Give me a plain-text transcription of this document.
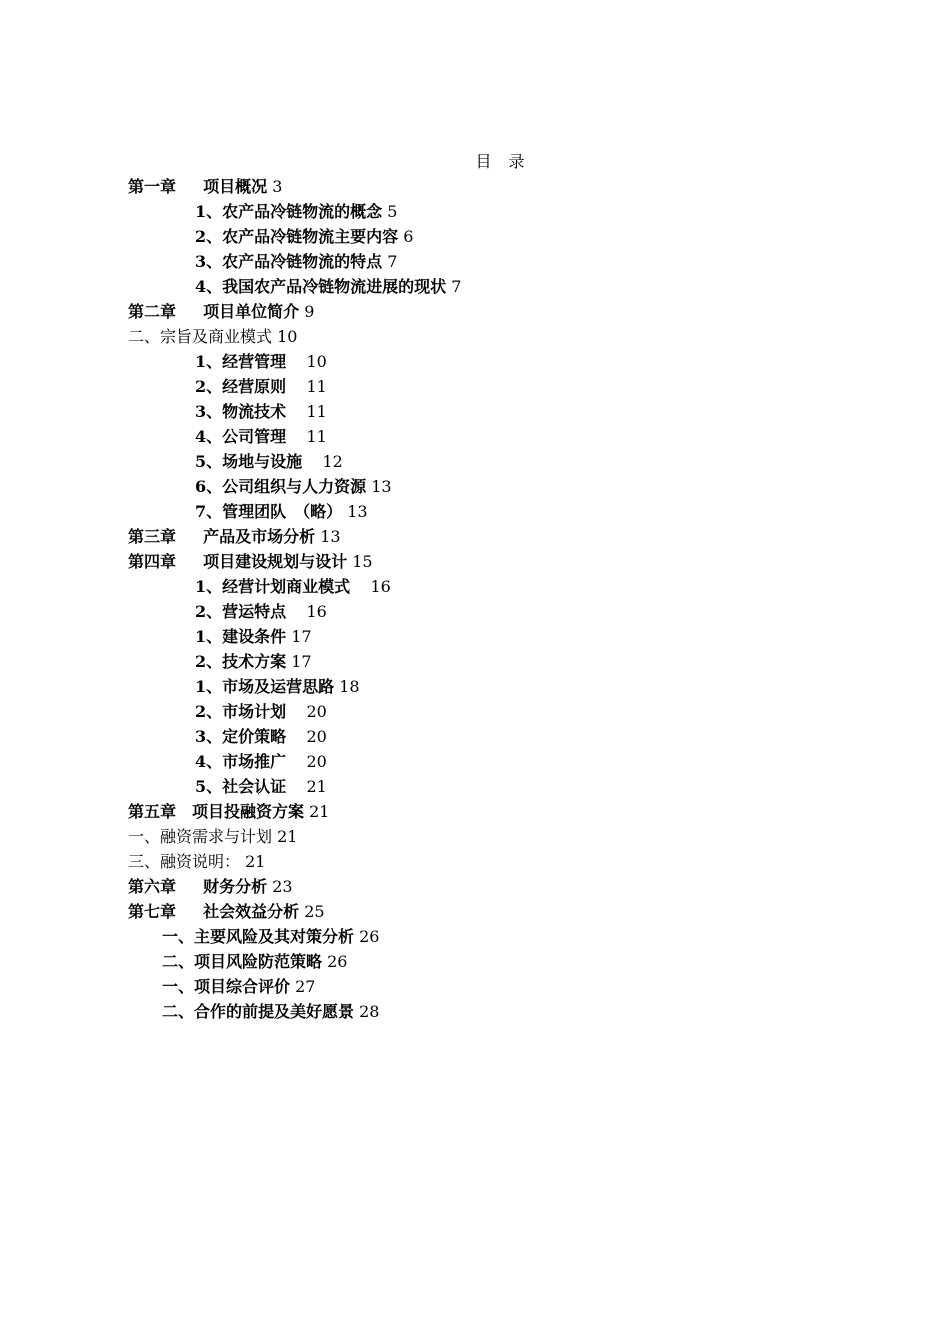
目 录
第一章　  项目概况 3
1、农产品冷链物流的概念 5
2、农产品冷链物流主要内容 6
3、农产品冷链物流的特点 7
4、我国农产品冷链物流进展的现状 7
第二章　  项目单位简介 9
二、宗旨及商业模式 10
1、经营管理    10
2、经营原则    11
3、物流技术    11
4、公司管理    11
5、场地与设施    12
6、公司组织与人力资源 13
7、管理团队　（略） 13
第三章　  产品及市场分析 13
第四章　  项目建设规划与设计 15
1、经营计划商业模式    16
2、营运特点    16
1、建设条件 17
2、技术方案 17
1、市场及运营思路 18
2、市场计划    20
3、定价策略    20
4、市场推广    20
5、社会认证    21
第五章　项目投融资方案 21
一、融资需求与计划 21
三、融资说明： 21
第六章　  财务分析 23
第七章　  社会效益分析 25
一、主要风险及其对策分析 26
二、项目风险防范策略 26
一、项目综合评价 27
二、合作的前提及美好愿景 28
